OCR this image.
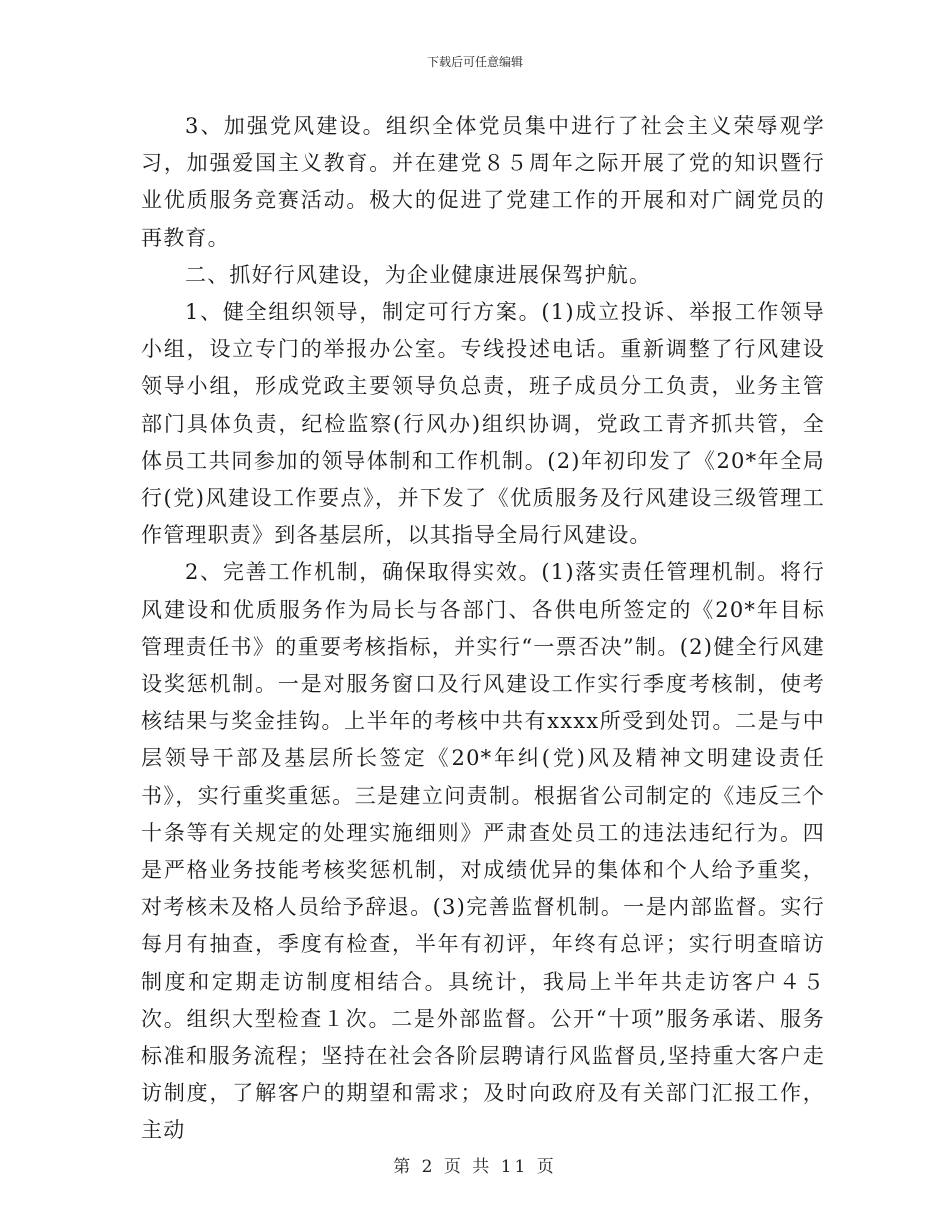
下载后可任意编辑

3、加强党风建设。组织全体党员集中进行了社会主义荣辱观学习，加强爱国主义教育。并在建党８５周年之际开展了党的知识暨行业优质服务竞赛活动。极大的促进了党建工作的开展和对广阔党员的再教育。

二、抓好行风建设，为企业健康进展保驾护航。

1、健全组织领导，制定可行方案。(1)成立投诉、举报工作领导小组，设立专门的举报办公室。专线投述电话。重新调整了行风建设领导小组，形成党政主要领导负总责，班子成员分工负责，业务主管部门具体负责，纪检监察(行风办)组织协调，党政工青齐抓共管，全体员工共同参加的领导体制和工作机制。(2)年初印发了《20*年全局行(党)风建设工作要点》，并下发了《优质服务及行风建设三级管理工作管理职责》到各基层所，以其指导全局行风建设。

2、完善工作机制，确保取得实效。(1)落实责任管理机制。将行风建设和优质服务作为局长与各部门、各供电所签定的《20*年目标管理责任书》的重要考核指标，并实行“一票否决”制。(2)健全行风建设奖惩机制。一是对服务窗口及行风建设工作实行季度考核制，使考核结果与奖金挂钩。上半年的考核中共有xxxx所受到处罚。二是与中层领导干部及基层所长签定《20*年纠(党)风及精神文明建设责任书》，实行重奖重惩。三是建立问责制。根据省公司制定的《违反三个十条等有关规定的处理实施细则》严肃查处员工的违法违纪行为。四是严格业务技能考核奖惩机制，对成绩优异的集体和个人给予重奖，对考核未及格人员给予辞退。(3)完善监督机制。一是内部监督。实行每月有抽查，季度有检查，半年有初评，年终有总评；实行明查暗访制度和定期走访制度相结合。具统计，我局上半年共走访客户４５次。组织大型检查１次。二是外部监督。公开“十项”服务承诺、服务标准和服务流程；坚持在社会各阶层聘请行风监督员,坚持重大客户走访制度，了解客户的期望和需求；及时向政府及有关部门汇报工作，主动

第 2 页 共 11 页
